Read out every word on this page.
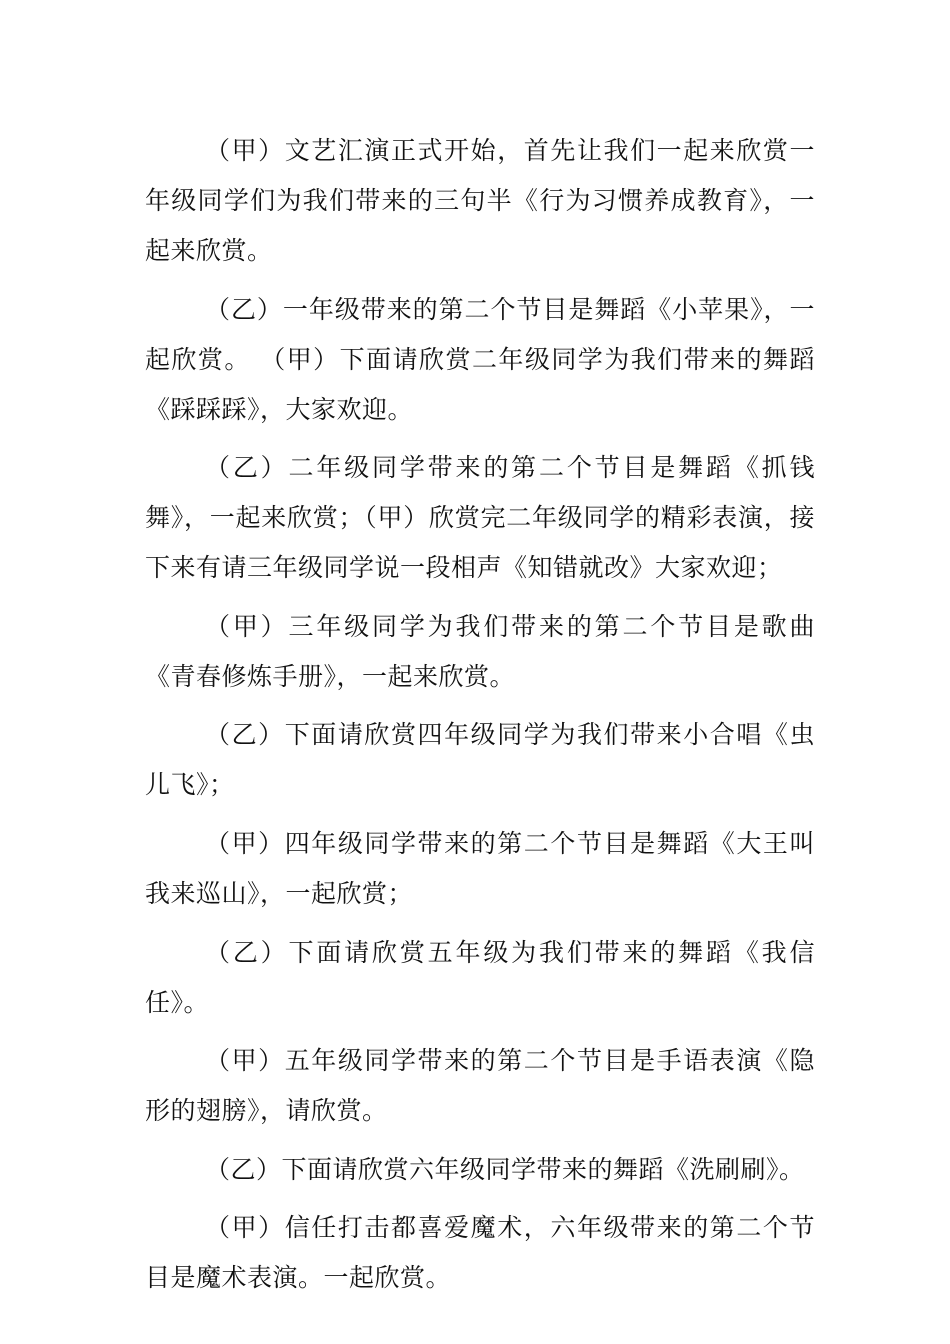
（甲）文艺汇演正式开始，首先让我们一起来欣赏一年级同学们为我们带来的三句半《行为习惯养成教育》，一起来欣赏。

（乙）一年级带来的第二个节目是舞蹈《小苹果》，一起欣赏。 （甲）下面请欣赏二年级同学为我们带来的舞蹈《踩踩踩》，大家欢迎。

（乙）二年级同学带来的第二个节目是舞蹈《抓钱舞》，一起来欣赏；（甲）欣赏完二年级同学的精彩表演，接下来有请三年级同学说一段相声《知错就改》大家欢迎；

（甲）三年级同学为我们带来的第二个节目是歌曲《青春修炼手册》，一起来欣赏。

（乙）下面请欣赏四年级同学为我们带来小合唱《虫儿飞》；

（甲）四年级同学带来的第二个节目是舞蹈《大王叫我来巡山》，一起欣赏；

（乙）下面请欣赏五年级为我们带来的舞蹈《我信任》。

（甲）五年级同学带来的第二个节目是手语表演《隐形的翅膀》，请欣赏。

（乙）下面请欣赏六年级同学带来的舞蹈《洗刷刷》。

（甲）信任打击都喜爱魔术，六年级带来的第二个节目是魔术表演。一起欣赏。
